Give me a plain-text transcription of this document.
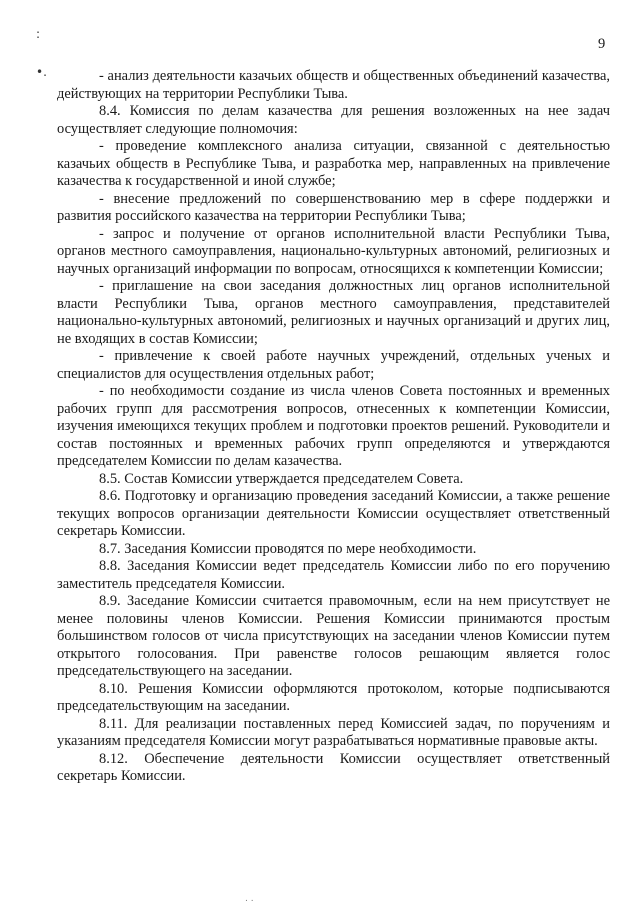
:
•.
. .
9

- анализ деятельности казачьих обществ и общественных объединений казачества, действующих на территории Республики Тыва.

8.4. Комиссия по делам казачества для решения возложенных на нее задач осуществляет следующие полномочия:

- проведение комплексного анализа ситуации, связанной с деятельностью казачьих обществ в Республике Тыва, и разработка мер, направленных на привлечение казачества к государственной и иной службе;

- внесение предложений по совершенствованию мер в сфере поддержки и развития российского казачества на территории Республики Тыва;

- запрос и получение от органов исполнительной власти Республики Тыва, органов местного самоуправления, национально-культурных автономий, религиозных и научных организаций информации по вопросам, относящихся к компетенции Комиссии;

- приглашение на свои заседания должностных лиц органов исполнительной власти Республики Тыва, органов местного самоуправления, представителей национально-культурных автономий, религиозных и научных организаций и других лиц, не входящих в состав Комиссии;

- привлечение к своей работе научных учреждений, отдельных ученых и специалистов для осуществления отдельных работ;

- по необходимости создание из числа членов Совета постоянных и временных рабочих групп для рассмотрения вопросов, отнесенных к компетенции Комиссии, изучения имеющихся текущих проблем и подготовки проектов решений. Руководители и состав постоянных и временных рабочих групп определяются и утверждаются председателем Комиссии по делам казачества.

8.5. Состав Комиссии утверждается председателем Совета.

8.6. Подготовку и организацию проведения заседаний Комиссии, а также решение текущих вопросов организации деятельности Комиссии осуществляет ответственный секретарь Комиссии.

8.7. Заседания Комиссии проводятся по мере необходимости.

8.8. Заседания Комиссии ведет председатель Комиссии либо по его поручению заместитель председателя Комиссии.

8.9. Заседание Комиссии считается правомочным, если на нем присутствует не менее половины членов Комиссии. Решения Комиссии принимаются простым большинством голосов от числа присутствующих на заседании членов Комиссии путем открытого голосования. При равенстве голосов решающим является голос председательствующего на заседании.

8.10. Решения Комиссии оформляются протоколом, которые подписываются председательствующим на заседании.

8.11. Для реализации поставленных перед Комиссией задач, по поручениям и указаниям председателя Комиссии могут разрабатываться нормативные правовые акты.

8.12. Обеспечение деятельности Комиссии осуществляет ответственный секретарь Комиссии.
